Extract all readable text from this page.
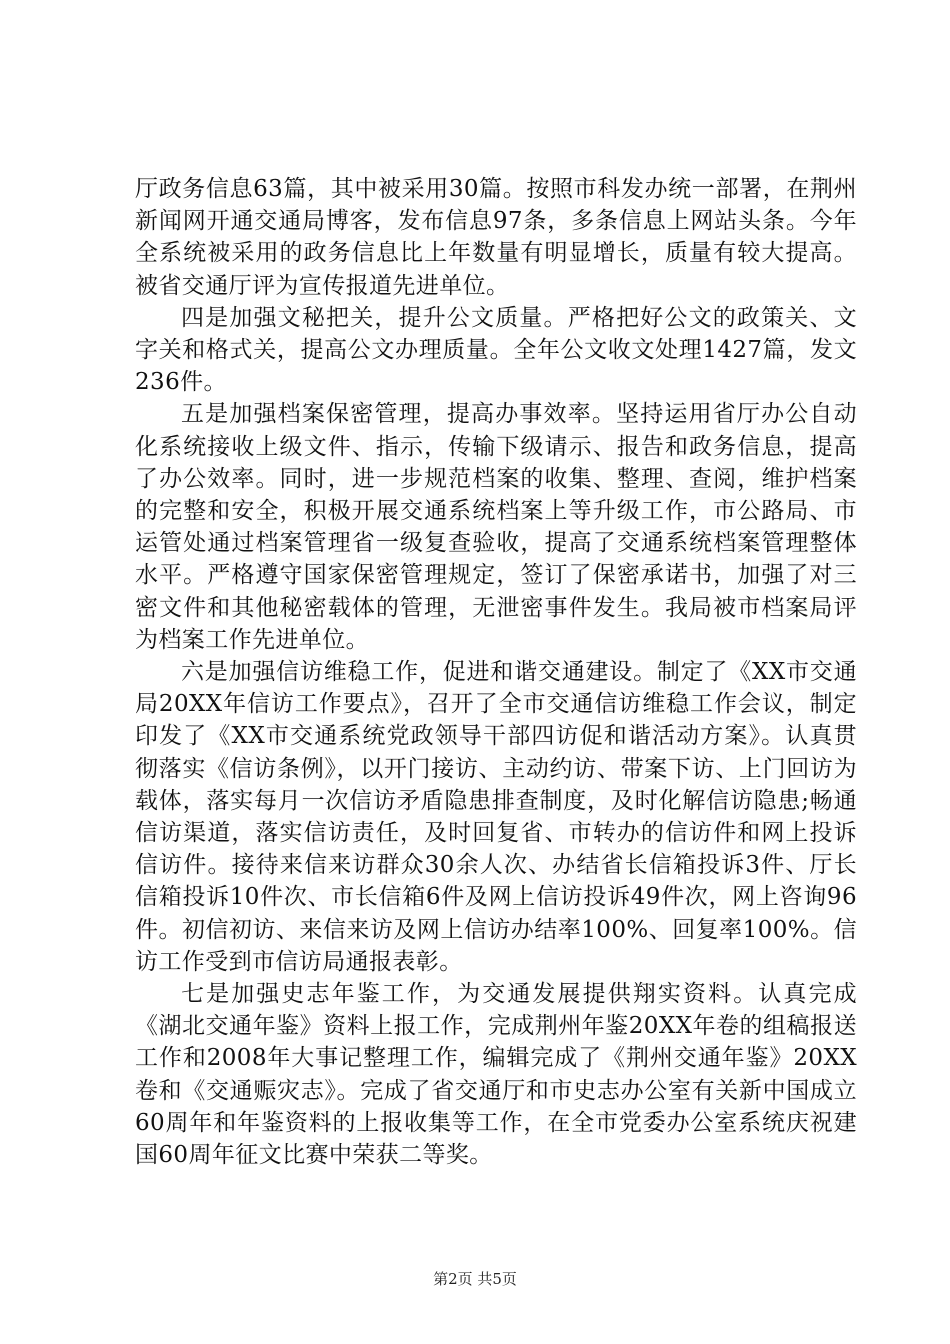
厅政务信息63篇，其中被采用30篇。按照市科发办统一部署，在荆州新闻网开通交通局博客，发布信息97条，多条信息上网站头条。今年全系统被采用的政务信息比上年数量有明显增长，质量有较大提高。被省交通厅评为宣传报道先进单位。

四是加强文秘把关，提升公文质量。严格把好公文的政策关、文字关和格式关，提高公文办理质量。全年公文收文处理1427篇，发文236件。

五是加强档案保密管理，提高办事效率。坚持运用省厅办公自动化系统接收上级文件、指示，传输下级请示、报告和政务信息，提高了办公效率。同时，进一步规范档案的收集、整理、查阅，维护档案的完整和安全，积极开展交通系统档案上等升级工作，市公路局、市运管处通过档案管理省一级复查验收，提高了交通系统档案管理整体水平。严格遵守国家保密管理规定，签订了保密承诺书，加强了对三密文件和其他秘密载体的管理，无泄密事件发生。我局被市档案局评为档案工作先进单位。

六是加强信访维稳工作，促进和谐交通建设。制定了《XX市交通局20XX年信访工作要点》，召开了全市交通信访维稳工作会议，制定印发了《XX市交通系统党政领导干部四访促和谐活动方案》。认真贯彻落实《信访条例》，以开门接访、主动约访、带案下访、上门回访为载体，落实每月一次信访矛盾隐患排查制度，及时化解信访隐患;畅通信访渠道，落实信访责任，及时回复省、市转办的信访件和网上投诉信访件。接待来信来访群众30余人次、办结省长信箱投诉3件、厅长信箱投诉10件次、市长信箱6件及网上信访投诉49件次，网上咨询96件。初信初访、来信来访及网上信访办结率100%、回复率100%。信访工作受到市信访局通报表彰。

七是加强史志年鉴工作，为交通发展提供翔实资料。认真完成《湖北交通年鉴》资料上报工作，完成荆州年鉴20XX年卷的组稿报送工作和2008年大事记整理工作，编辑完成了《荆州交通年鉴》20XX卷和《交通赈灾志》。完成了省交通厅和市史志办公室有关新中国成立60周年和年鉴资料的上报收集等工作，在全市党委办公室系统庆祝建国60周年征文比赛中荣获二等奖。

第2页 共5页
